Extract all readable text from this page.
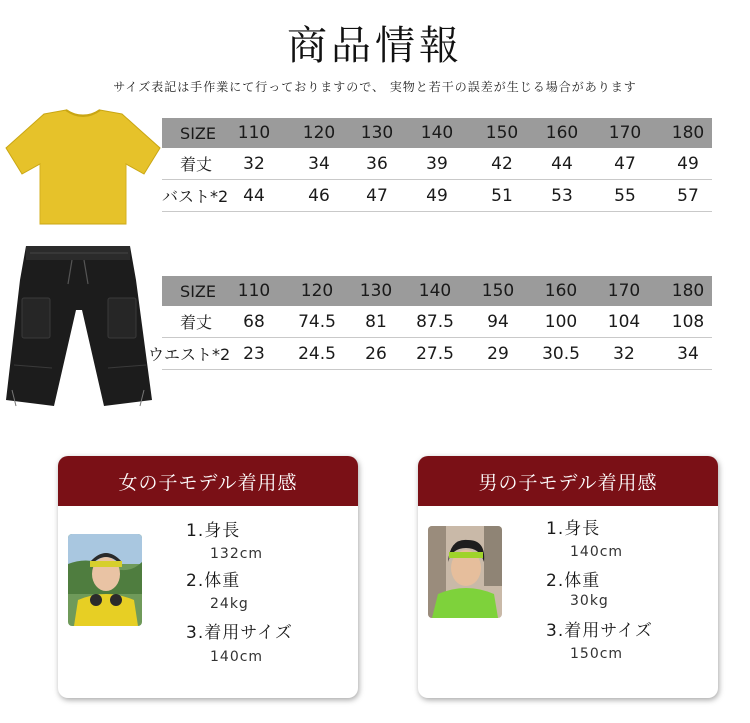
商品情報
サイズ表記は手作業にて行っておりますので、 実物と若干の誤差が生じる場合があります
SIZE	110	120	130	140	150	160	170	180
着丈	32	34	36	39	42	44	47	49
バスト*2 44	46	47	49	51	53	55	57
SIZE	110	120	130	140	150	160	170	180
着丈	68	74.5	81	87.5	94	100	104	108
ウエスト*2 23	24.5	26	27.5	29	30.5	32	34
女の子モデル着用感
1.身長
132cm
2.体重
24kg
3.着用サイズ
140cm
男の子モデル着用感
1.身長
140cm
2.体重
30kg
3.着用サイズ
150cm
